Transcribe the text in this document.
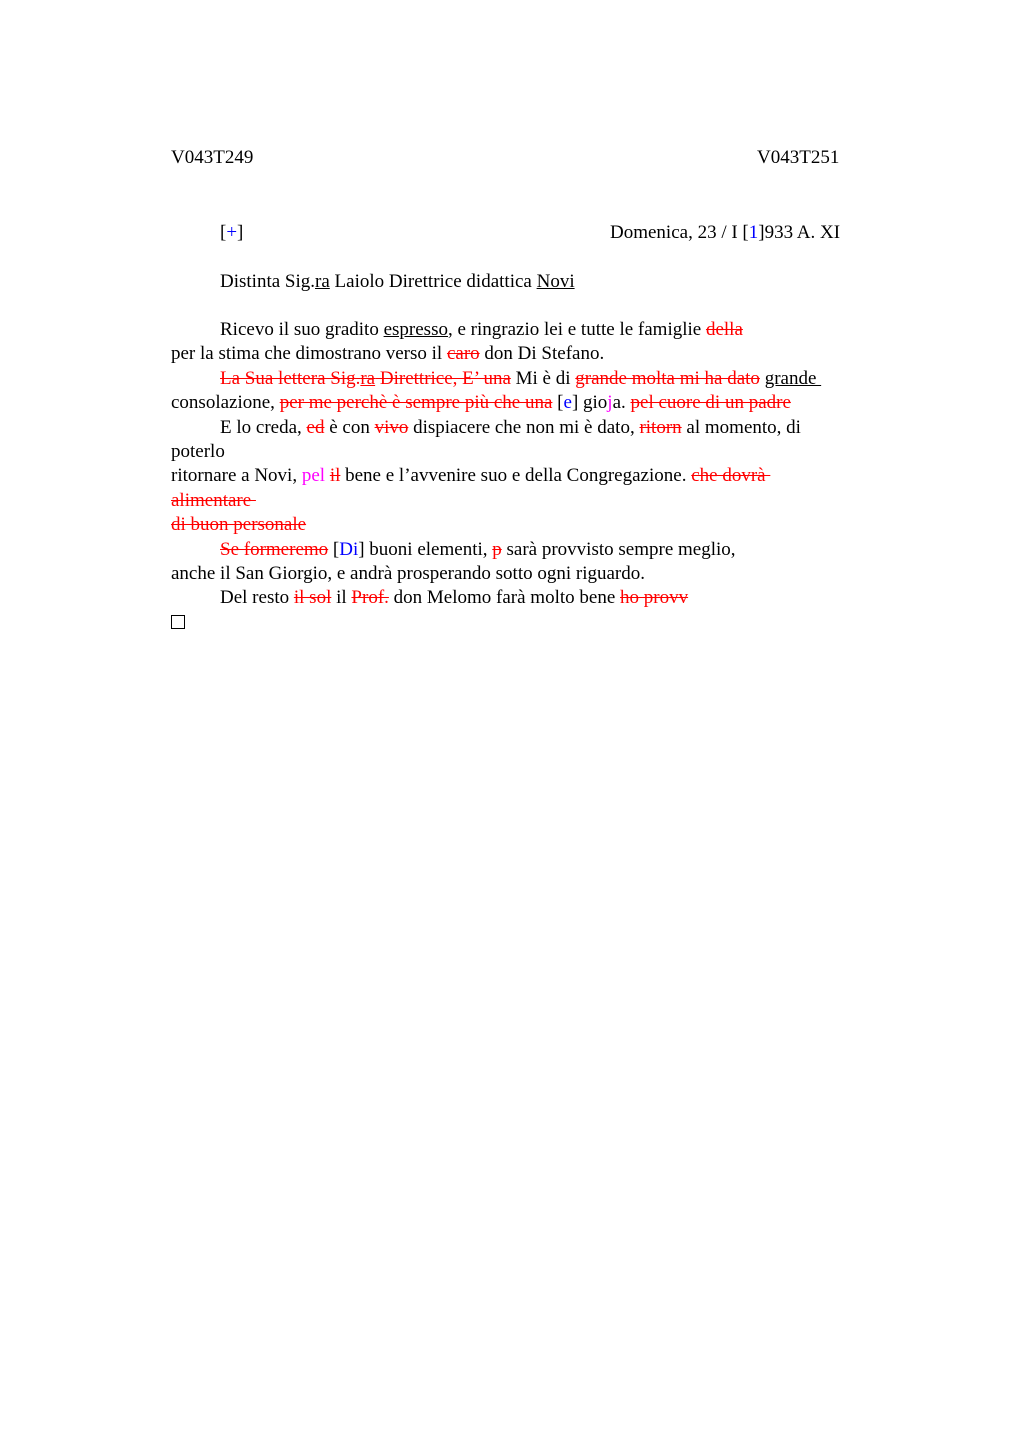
V043T249	V043T251
[+]	Domenica, 23 / I [1]933 A. XI
Distinta Sig.ra Laiolo Direttrice didattica Novi
Ricevo il suo gradito espresso, e ringrazio lei e tutte le famiglie della
per la stima che dimostrano verso il caro don Di Stefano.
La Sua lettera Sig.ra Direttrice, E’ una Mi è di grande molta mi ha dato grande
consolazione, per me perchè è sempre più che una [e] gioja. pel cuore di un padre
E lo creda, ed è con vivo dispiacere che non mi è dato, ritorn al momento, di
poterlo
ritornare a Novi, pel il bene e l’avvenire suo e della Congregazione. che dovrà
alimentare
di buon personale
Se formeremo [Di] buoni elementi, p sarà provvisto sempre meglio,
anche il San Giorgio, e andrà prosperando sotto ogni riguardo.
Del resto il sol il Prof. don Melomo farà molto bene ho provv
